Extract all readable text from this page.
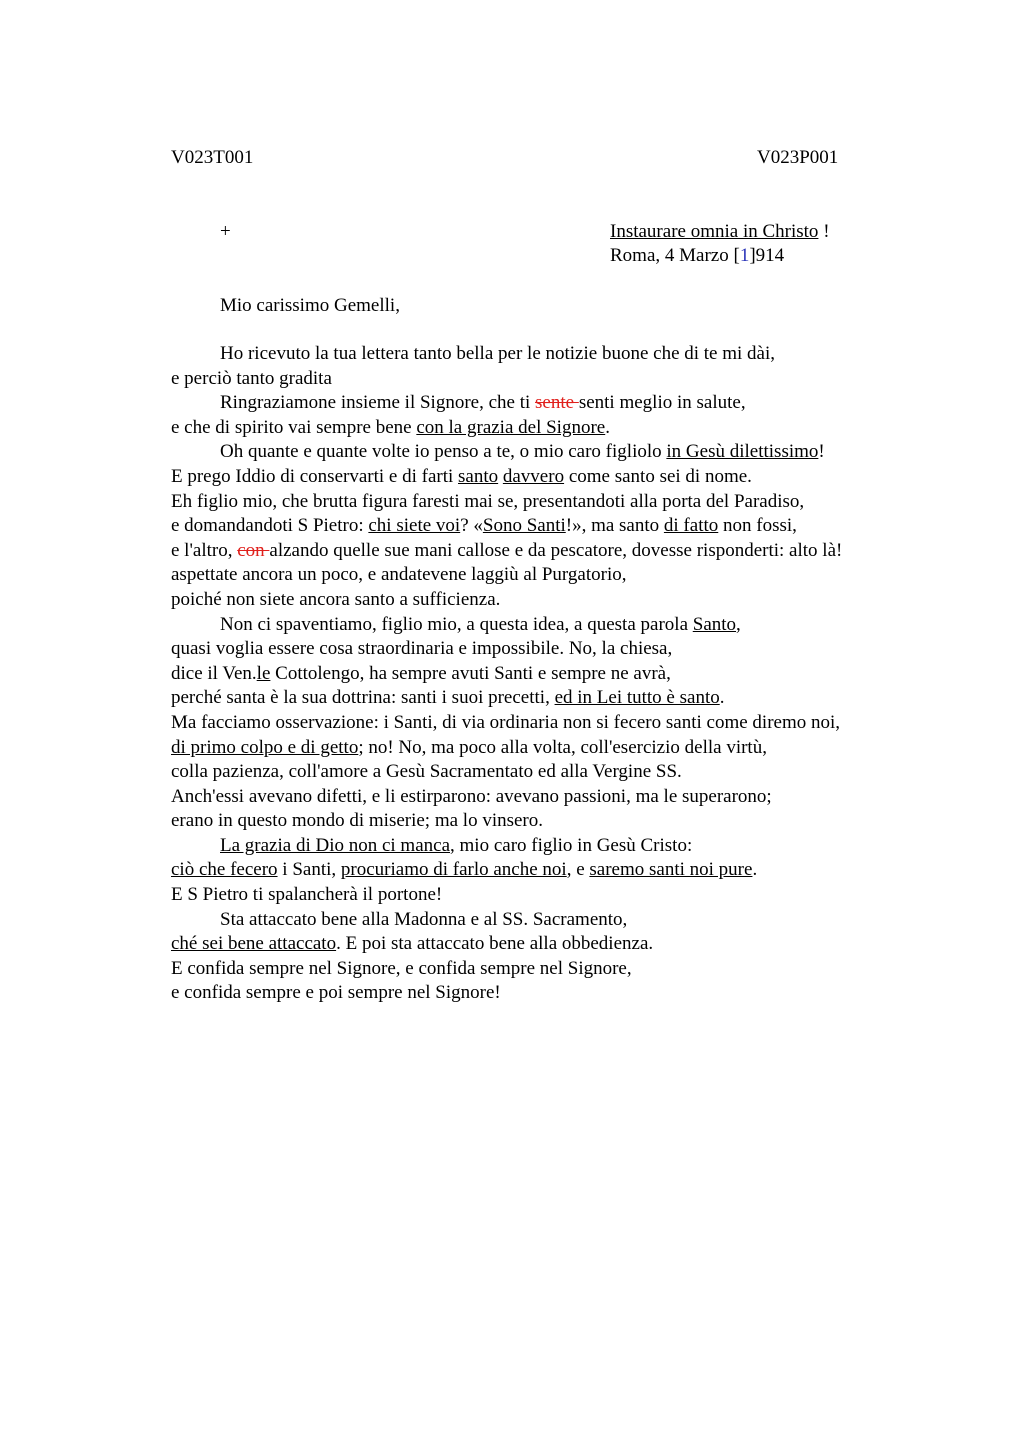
V023T001	V023P001
+	Instaurare omnia in Christo !
Roma, 4 Marzo [1]914
Mio carissimo Gemelli,
Ho ricevuto la tua lettera tanto bella per le notizie buone che di te mi dài,
e perciò tanto gradita
Ringraziamone insieme il Signore, che ti sente senti meglio in salute,
e che di spirito vai sempre bene con la grazia del Signore.
Oh quante e quante volte io penso a te, o mio caro figliolo in Gesù dilettissimo!
E prego Iddio di conservarti e di farti santo davvero come santo sei di nome.
Eh figlio mio, che brutta figura faresti mai se, presentandoti alla porta del Paradiso,
e domandandoti S Pietro: chi siete voi? «Sono Santi!», ma santo di fatto non fossi,
e l'altro, con alzando quelle sue mani callose e da pescatore, dovesse risponderti: alto là!
aspettate ancora un poco, e andatevene laggiù al Purgatorio,
poiché non siete ancora santo a sufficienza.
Non ci spaventiamo, figlio mio, a questa idea, a questa parola Santo,
quasi voglia essere cosa straordinaria e impossibile. No, la chiesa,
dice il Ven.le Cottolengo, ha sempre avuti Santi e sempre ne avrà,
perché santa è la sua dottrina: santi i suoi precetti, ed in Lei tutto è santo.
Ma facciamo osservazione: i Santi, di via ordinaria non si fecero santi come diremo noi,
di primo colpo e di getto; no! No, ma poco alla volta, coll'esercizio della virtù,
colla pazienza, coll'amore a Gesù Sacramentato ed alla Vergine SS.
Anch'essi avevano difetti, e li estirparono: avevano passioni, ma le superarono;
erano in questo mondo di miserie; ma lo vinsero.
La grazia di Dio non ci manca, mio caro figlio in Gesù Cristo:
ciò che fecero i Santi, procuriamo di farlo anche noi, e saremo santi noi pure.
E S Pietro ti spalancherà il portone!
Sta attaccato bene alla Madonna e al SS. Sacramento,
ché sei bene attaccato. E poi sta attaccato bene alla obbedienza.
E confida sempre nel Signore, e confida sempre nel Signore,
e confida sempre e poi sempre nel Signore!
